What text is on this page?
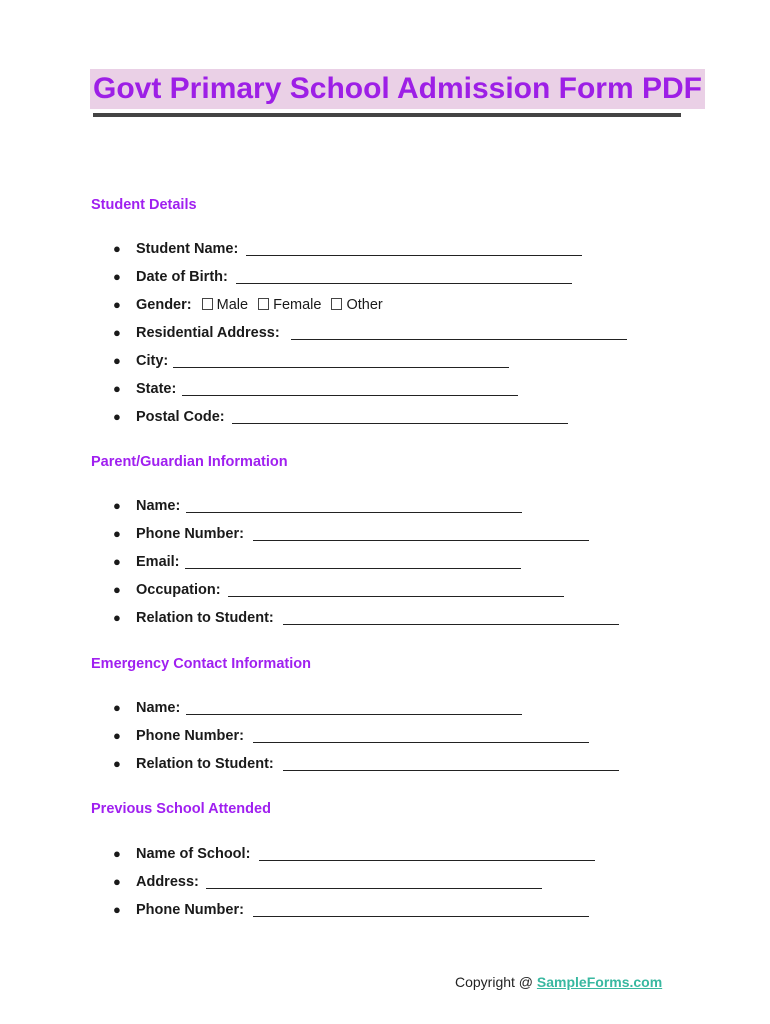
Govt Primary School Admission Form PDF
Student Details
● Student Name:
● Date of Birth:
● Gender: Male Female Other
● Residential Address:
● City:
● State:
● Postal Code:
Parent/Guardian Information
● Name:
● Phone Number:
● Email:
● Occupation:
● Relation to Student:
Emergency Contact Information
● Name:
● Phone Number:
● Relation to Student:
Previous School Attended
● Name of School:
● Address:
● Phone Number:
Copyright @ SampleForms.com
